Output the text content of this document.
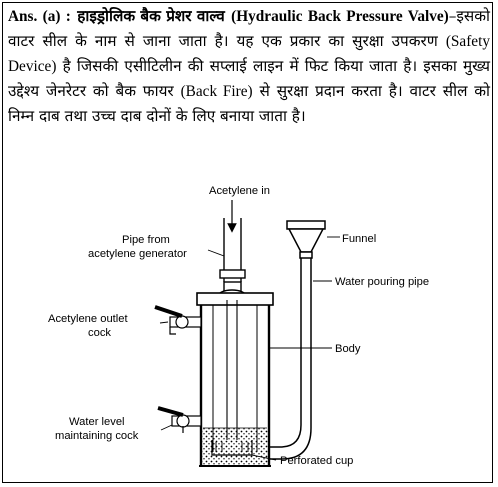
Ans. (a) : हाइड्रोलिक बैक प्रेशर वाल्व (Hydraulic Back Pressure Valve)–इसको वाटर सील के नाम से जाना जाता है। यह एक प्रकार का सुरक्षा उपकरण (Safety Device) है जिसकी एसीटिलीन की सप्लाई लाइन में फिट किया जाता है। इसका मुख्य उद्देश्य जेनरेटर को बैक फायर (Back Fire) से सुरक्षा प्रदान करता है। वाटर सील को निम्न दाब तथा उच्च दाब दोनों के लिए बनाया जाता है।
Acetylene in
Pipe from
acetylene generator
Acetylene outlet
cock
Water level
maintaining cock
Funnel
Water pouring pipe
Body
Perforated cup
